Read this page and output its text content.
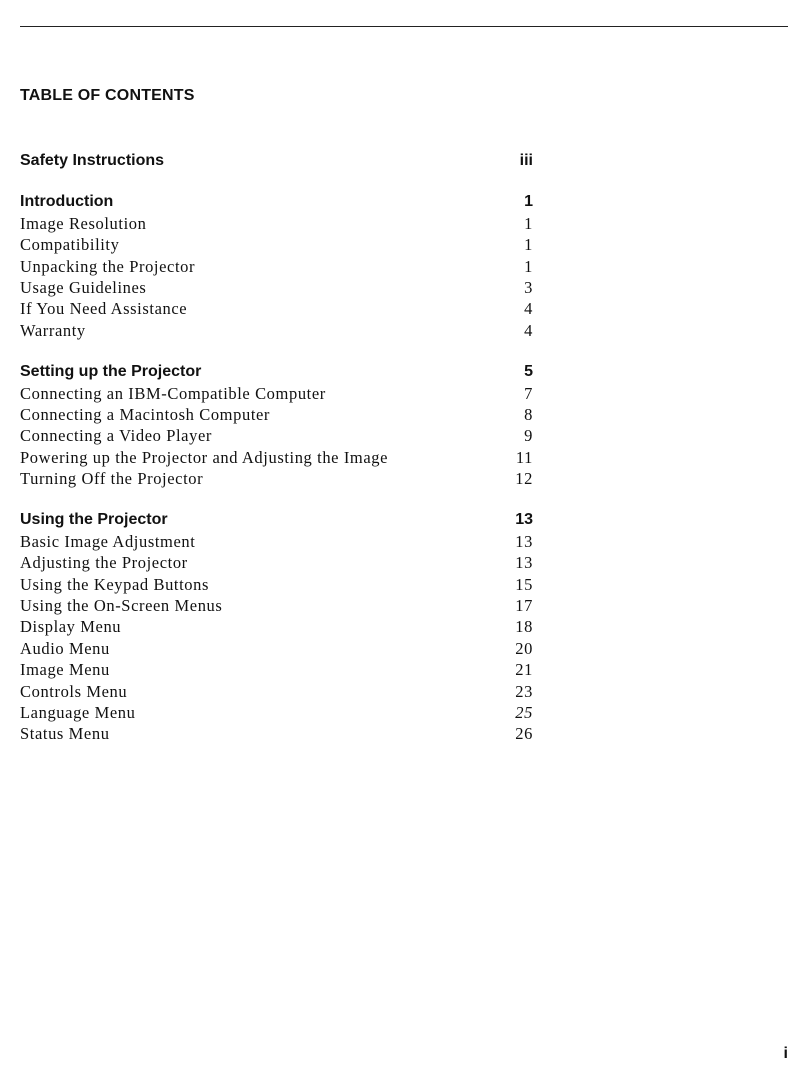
TABLE OF CONTENTS
Safety Instructions	iii
Introduction	1
Image Resolution	1
Compatibility	1
Unpacking the Projector	1
Usage Guidelines	3
If You Need Assistance	4
Warranty	4
Setting up the Projector	5
Connecting an IBM-Compatible Computer	7
Connecting a Macintosh Computer	8
Connecting a Video Player	9
Powering up the Projector and Adjusting the Image	11
Turning Off the Projector	12
Using the Projector	13
Basic Image Adjustment	13
Adjusting the Projector	13
Using the Keypad Buttons	15
Using the On-Screen Menus	17
Display Menu	18
Audio Menu	20
Image Menu	21
Controls Menu	23
Language Menu	25
Status Menu	26
i
